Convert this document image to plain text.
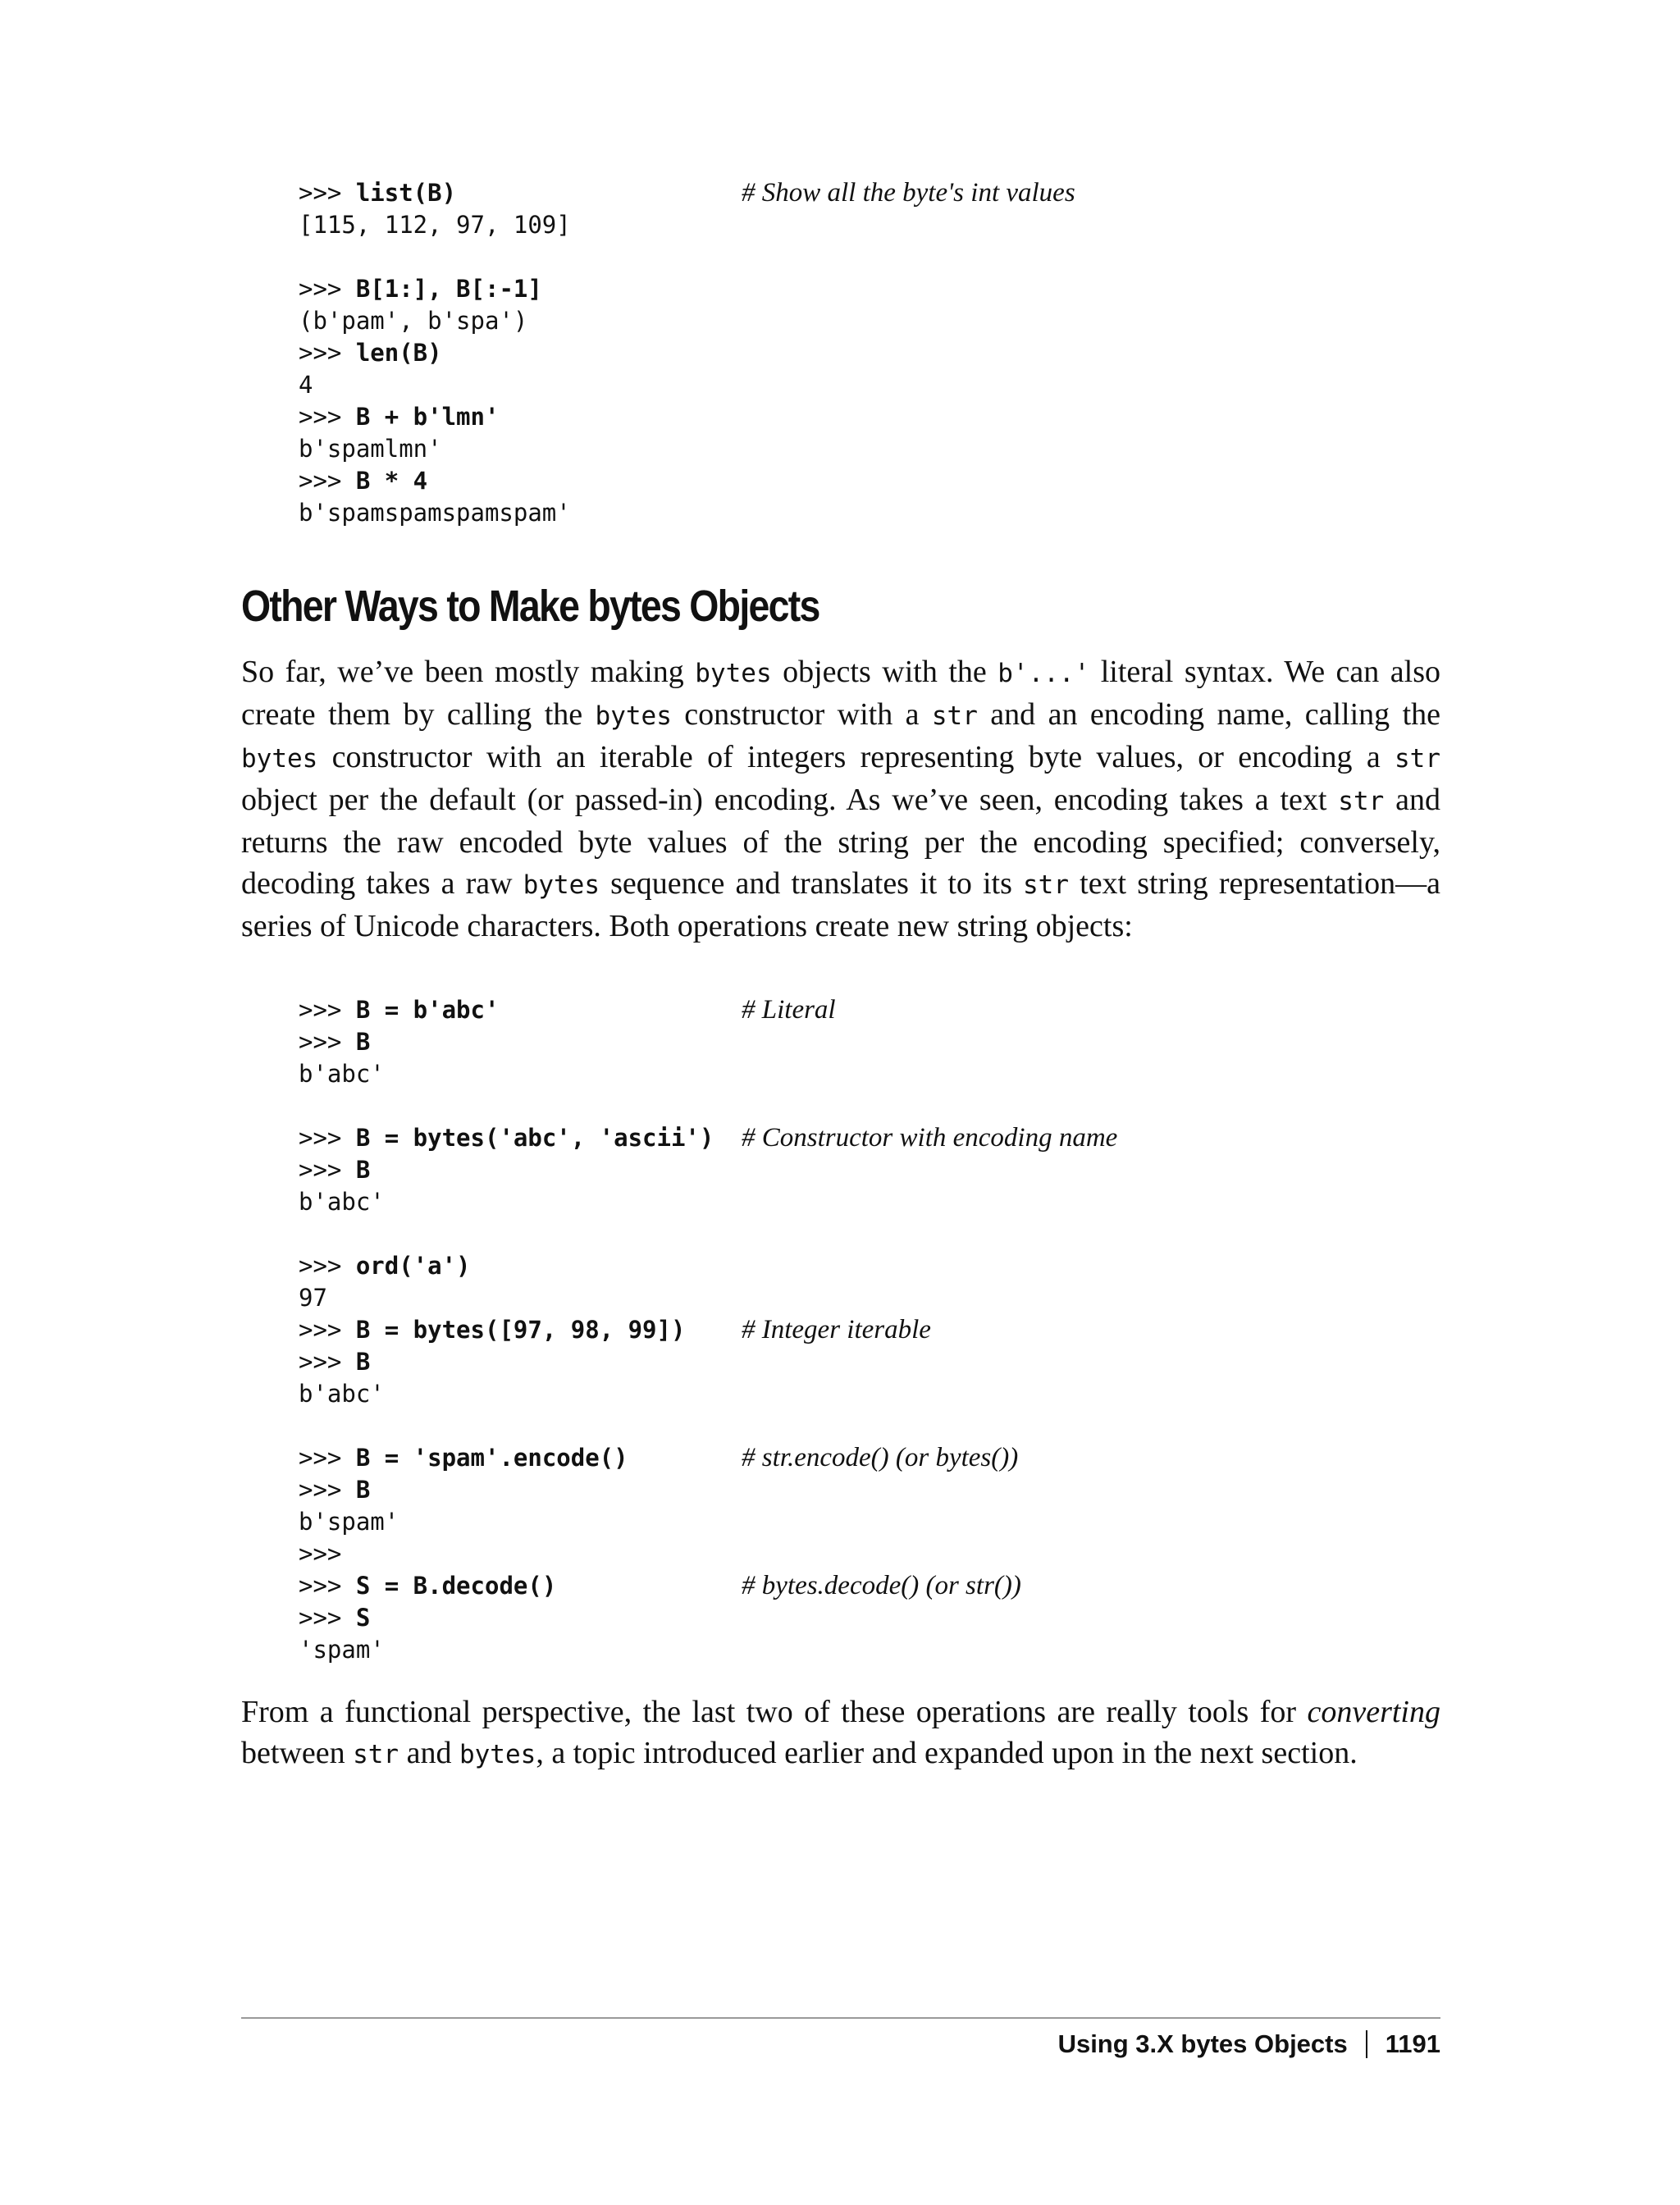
>>> list(B)	# Show all the byte's int values
[115, 112, 97, 109]
>>> B[1:], B[:-1]
(b'pam', b'spa')
>>> len(B)
4
>>> B + b'lmn'
b'spamlmn'
>>> B * 4
b'spamspamspamspam'
Other Ways to Make bytes Objects

So far, we’ve been mostly making bytes objects with the b'...' literal syntax. We can also create them by calling the bytes constructor with a str and an encoding name, calling the bytes constructor with an iterable of integers representing byte values, or encoding a str object per the default (or passed-in) encoding. As we’ve seen, encoding takes a text str and returns the raw encoded byte values of the string per the encoding specified; conversely, decoding takes a raw bytes sequence and translates it to its str text string representation—a series of Unicode characters. Both operations create new string objects:

>>> B = b'abc'	# Literal
>>> B
b'abc'
>>> B = bytes('abc', 'ascii') # Constructor with encoding name
>>> B
b'abc'
>>> ord('a')
97
>>> B = bytes([97, 98, 99]) # Integer iterable
>>> B
b'abc'
>>> B = 'spam'.encode()	# str.encode() (or bytes())
>>> B
b'spam'
>>>
>>> S = B.decode()	# bytes.decode() (or str())
>>> S
'spam'

From a functional perspective, the last two of these operations are really tools for converting between str and bytes, a topic introduced earlier and expanded upon in the next section.

Using 3.X bytes Objects 1191
